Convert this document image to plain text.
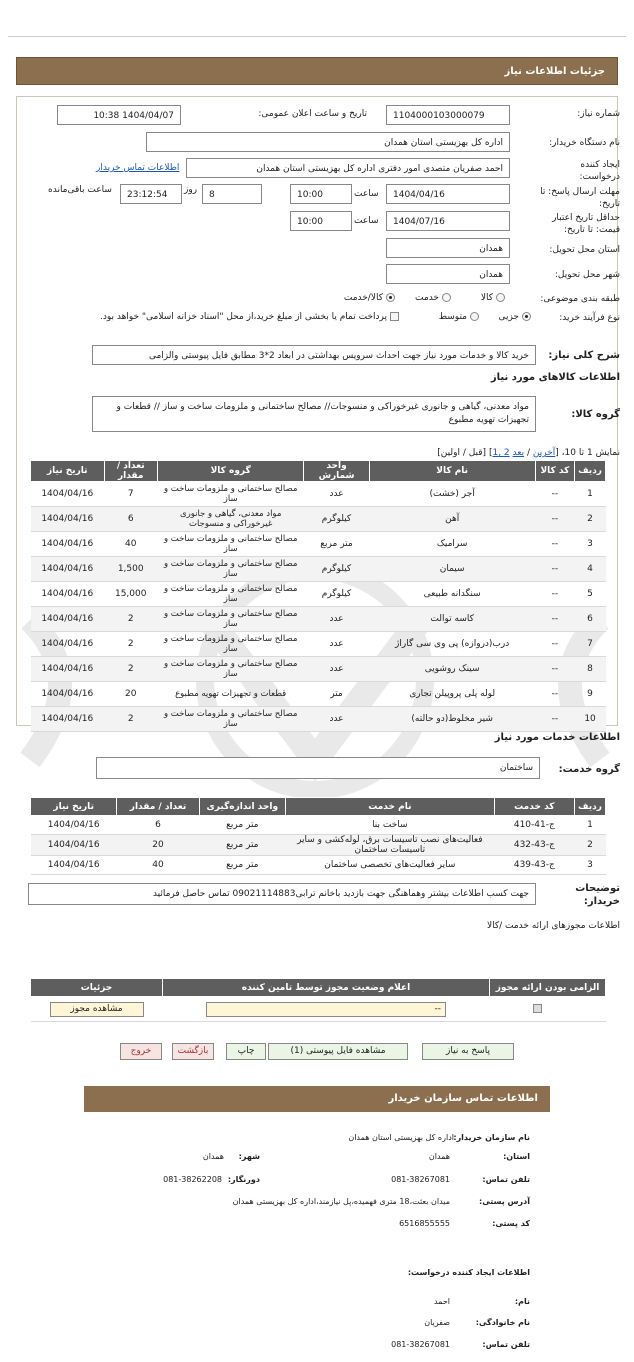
جزئیات اطلاعات نیاز
شماره نیاز:
1104000103000079
تاریخ و ساعت اعلان عمومی:
1404/04/07 10:38
نام دستگاه خریدار:
اداره کل بهزیستی استان همدان
ایجاد کننده درخواست:
احمد صفریان متصدی امور دفتری اداره کل بهزیستی استان همدان
اطلاعات تماس خریدار
مهلت ارسال پاسخ: تا تاریخ:
1404/04/16
ساعت
10:00
8
روز
23:12:54
ساعت باقی‌مانده
حداقل تاریخ اعتبار قیمت: تا تاریخ:
1404/07/16
ساعت
10:00
استان محل تحویل:
همدان
شهر محل تحویل:
همدان
طبقه بندی موضوعی:
کالا
خدمت
کالا/خدمت
نوع فرآیند خرید:
جزیی
متوسط
پرداخت تمام یا بخشی از مبلغ خرید،از محل "اسناد خزانه اسلامی" خواهد بود.
شرح کلی نیاز:
خرید کالا و خدمات مورد نیاز جهت احداث سرویس بهداشتی در ابعاد 2*3 مطابق فایل پیوستی والزامی
اطلاعات کالاهای مورد نیاز
گروه کالا:
مواد معدنی، گیاهی و جانوری غیرخوراکی و منسوجات// مصالح ساختمانی و ملزومات ساخت و ساز // قطعات و تجهیزات تهویه مطبوع
نمایش 1 تا 10، [آخرین / بعد 2 ,1] [قبل / اولین]
ردیف	کد کالا	نام کالا	واحد شمارش	گروه کالا	تعداد / مقدار	تاریخ نیاز
1	--	آجر (خشت)	عدد	مصالح ساختمانی و ملزومات ساخت و ساز	7	1404/04/16
2	--	آهن	کیلوگرم	مواد معدنی، گیاهی و جانوری غیرخوراکی و منسوجات	6	1404/04/16
3	--	سرامیک	متر مربع	مصالح ساختمانی و ملزومات ساخت و ساز	40	1404/04/16
4	--	سیمان	کیلوگرم	مصالح ساختمانی و ملزومات ساخت و ساز	1,500	1404/04/16
5	--	سنگدانه طبیعی	کیلوگرم	مصالح ساختمانی و ملزومات ساخت و ساز	15,000	1404/04/16
6	--	کاسه توالت	عدد	مصالح ساختمانی و ملزومات ساخت و ساز	2	1404/04/16
7	--	درب(دروازه) پی وی سی گاراژ	عدد	مصالح ساختمانی و ملزومات ساخت و ساز	2	1404/04/16
8	--	سینک روشویی	عدد	مصالح ساختمانی و ملزومات ساخت و ساز	2	1404/04/16
9	--	لوله پلی پروپیلن تجاری	متر	قطعات و تجهیزات تهویه مطبوع	20	1404/04/16
10	--	شیر مخلوط(دو حالته)	عدد	مصالح ساختمانی و ملزومات ساخت و ساز	2	1404/04/16
اطلاعات خدمات مورد نیاز
گروه خدمت:
ساختمان
ردیف	کد خدمت	نام خدمت	واحد اندازه‌گیری	تعداد / مقدار	تاریخ نیاز
1	ج-41-410	ساخت بنا	متر مربع	6	1404/04/16
2	ج-43-432	فعالیت‌های نصب تاسیسات برق، لوله‌کشی و سایر تاسیسات ساختمان	متر مربع	20	1404/04/16
3	ج-43-439	سایر فعالیت‌های تخصصی ساختمان	متر مربع	40	1404/04/16
توضیحات خریدار:
جهت کسب اطلاعات بیشتر وهماهنگی جهت بازدید باخانم ترابی09021114883 تماس حاصل فرمائید
اطلاعات مجوزهای ارائه خدمت /کالا
الزامی بودن ارائه مجوز	اعلام وضعیت مجوز توسط تامین کننده	جزئیات

	--	مشاهده مجوز
پاسخ به نیاز
مشاهده فایل پیوستی (1)
چاپ
بازگشت
خروج
اطلاعات تماس سازمان خریدار
نام سازمان خریدار:
اداره کل بهزیستی استان همدان
استان:
همدان
شهر:
همدان
تلفن تماس:
081-38267081
دورنگار:
081-38262208
آدرس پستی:
میدان بعثت،18 متری فهمیده،پل نیازمند،اداره کل بهزیستی همدان
کد پستی:
6516855555
اطلاعات ایجاد کننده درخواست:
نام:
احمد
نام خانوادگی:
صفریان
تلفن تماس:
081-38267081
